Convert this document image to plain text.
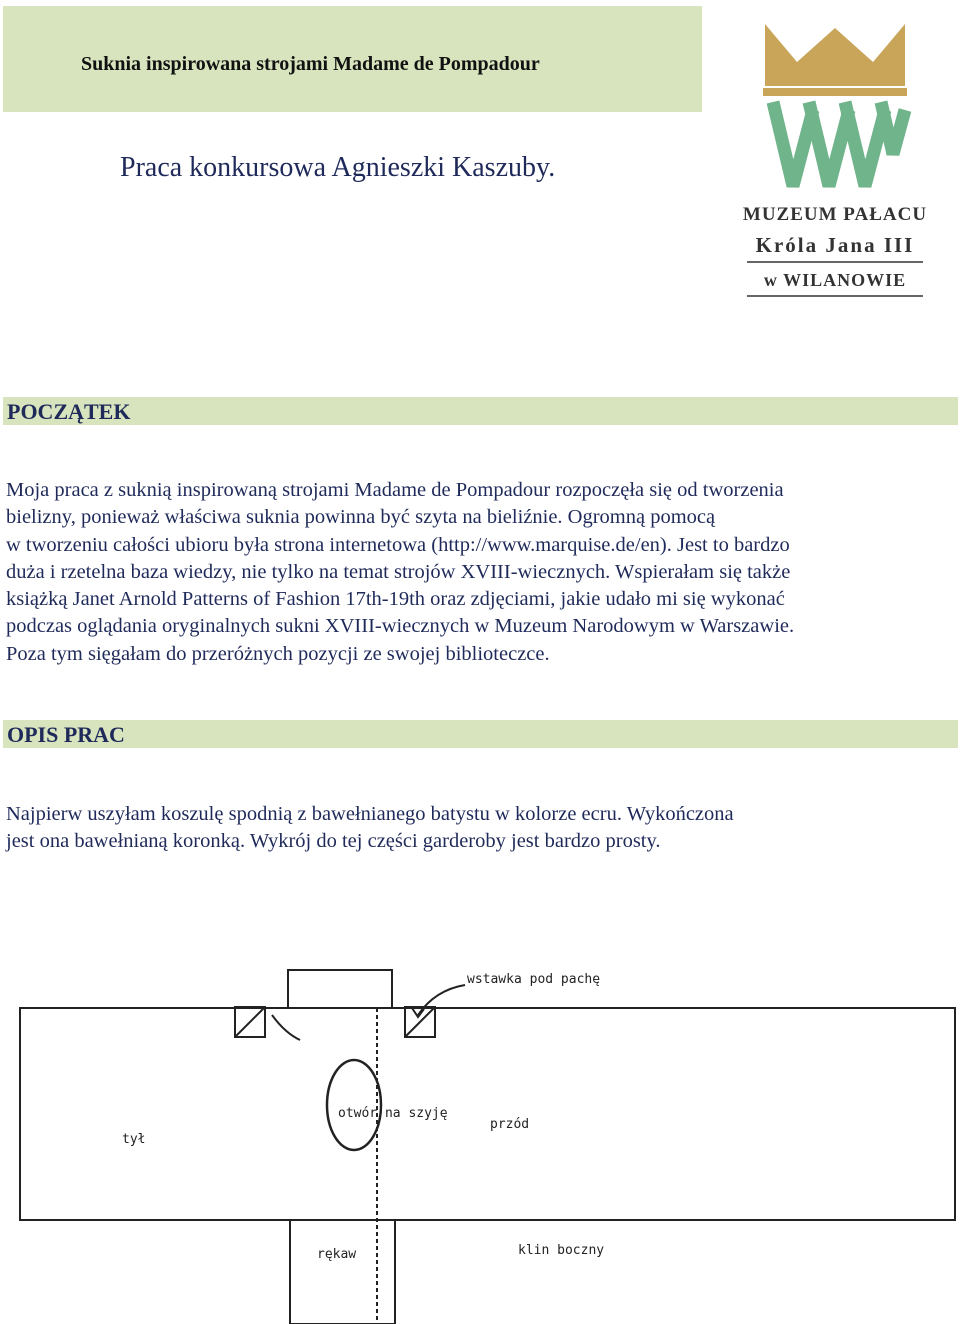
Suknia inspirowana strojami Madame de Pompadour
Praca konkursowa Agnieszki Kaszuby.
MUZEUM PAŁACU
Króla Jana III
w WILANOWIE
POCZĄTEK
Moja praca z suknią inspirowaną strojami Madame de Pompadour rozpoczęła się od tworzenia
bielizny, ponieważ właściwa suknia powinna być szyta na bieliźnie. Ogromną pomocą
w tworzeniu całości ubioru była strona internetowa (http://www.marquise.de/en). Jest to bardzo
duża i rzetelna baza wiedzy, nie tylko na temat strojów XVIII-wiecznych. Wspierałam się także
książką Janet Arnold Patterns of Fashion 17th-19th oraz zdjęciami, jakie udało mi się wykonać
podczas oglądania oryginalnych sukni XVIII-wiecznych w Muzeum Narodowym w Warszawie.
Poza tym sięgałam do przeróżnych pozycji ze swojej biblioteczce.
OPIS PRAC
Najpierw uszyłam koszulę spodnią z bawełnianego batystu w kolorze ecru. Wykończona
jest ona bawełnianą koronką. Wykrój do tej części garderoby jest bardzo prosty.
wstawka pod pachę
otwór na szyję
tył
przód
rękaw	klin boczny
